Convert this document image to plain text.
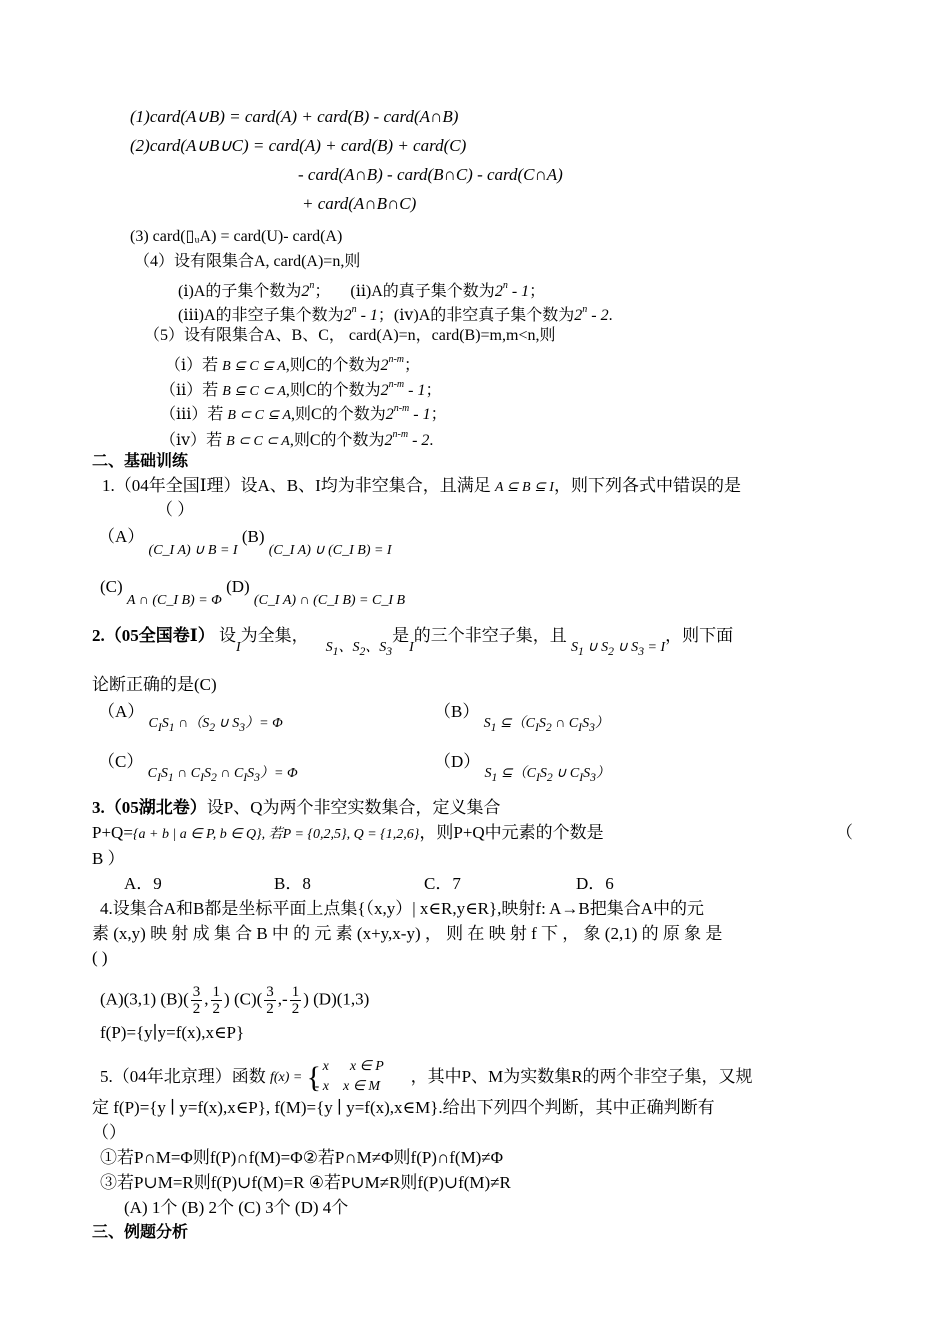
(1)card(A∪B) = card(A) + card(B) - card(A∩B)
(2)card(A∪B∪C) = card(A) + card(B) + card(C)
- card(A∩B) - card(B∩C) - card(C∩A)
+ card(A∩B∩C)
(3) card(▯ᵤA) = card(U)- card(A)
（4）设有限集合A, card(A)=n,则
(ⅰ)A的子集个数为2$^n$；     (ⅱ)A的真子集个数为2$^n$ - 1；
(ⅲ)A的非空子集个数为2$^n$ - 1；(ⅳ)A的非空真子集个数为2$^n$ - 2.
（5）设有限集合A、B、C， card(A)=n，card(B)=m,m<n,则
（ⅰ）若 B ⊆ C ⊆ A,则C的个数为2$^{n-m}$；
（ⅱ）若 B ⊆ C ⊂ A,则C的个数为2$^{n-m}$ - 1；
（ⅲ）若 B ⊂ C ⊆ A,则C的个数为2$^{n-m}$ - 1；
（ⅳ）若 B ⊂ C ⊂ A,则C的个数为2$^{n-m}$ - 2.
二、基础训练
1.（04年全国Ⅰ理）设A、B、I均为非空集合，且满足 A ⊆ B ⊆ I，则下列各式中错误的是
（ ）
（A） $_{(C\_I A) \cup B = I}$ (B) $_{(C\_I A) \cup (C\_I B) = I}$
(C) $_{A \cap (C\_I B) = \Phi}$ (D) $_{(C\_I A) \cap (C\_I B) = C\_I B}$
2.（05全国卷Ⅰ） 设$_I$为全集，    $_{S_1、S_2、S_3}$是$_I$的三个非空子集，且 $_{S_1 \cup S_2 \cup S_3 = I}$，则下面
论断正确的是(C)
（A） $_{C_IS_1 \cap(S_2 \cup S_3)= \Phi}$
（B） $_{S_1 ⊆(C_IS_2 \cap C_IS_3)}$
（C） $_{C_IS_1 \cap C_IS_2 \cap C_IS_3)= \Phi}$
（D） $_{S_1 ⊆(C_IS_2 \cup C_IS_3)}$
3.（05湖北卷）设P、Q为两个非空实数集合，定义集合
P+Q={a + b | a ∈ P, b ∈ Q}, 若P = {0,2,5}, Q = {1,2,6}，则P+Q中元素的个数是	（
B ）
A．9	B．8	C．7	D．6
4.设集合A和B都是坐标平面上点集{（x,y）| x∈R,y∈R},映射f: A→B把集合A中的元
素 (x,y) 映 射 成 集 合 B 中 的 元 素 (x+y,x-y) ， 则 在 映 射 f 下 ， 象 (2,1) 的 原 象 是
( )
(A)(3,1) $(B)( \frac{3}{2}$ , $\frac{1}{2}$ ) $(C)( \frac{3}{2}$ ,- $\frac{1}{2}$ ) (D)(1,3)
f(P)={y∣y=f(x),x∈P}
5.（04年北京理）函数 f(x) = { x      x ∈ P
- x    x ∈ M
，其中P、M为实数集R的两个非空子集，又规
定 f(P)={y ∣ y=f(x),x∈P}, f(M)={y ∣ y=f(x),x∈M}.给出下列四个判断，其中正确判断有
（）
①若P∩M=Φ则f(P)∩f(M)=Φ②若P∩M≠Φ则f(P)∩f(M)≠Φ
③若P∪M=R则f(P)∪f(M)=R ④若P∪M≠R则f(P)∪f(M)≠R
(A) 1个 (B) 2个 (C) 3个 (D) 4个
三、例题分析
